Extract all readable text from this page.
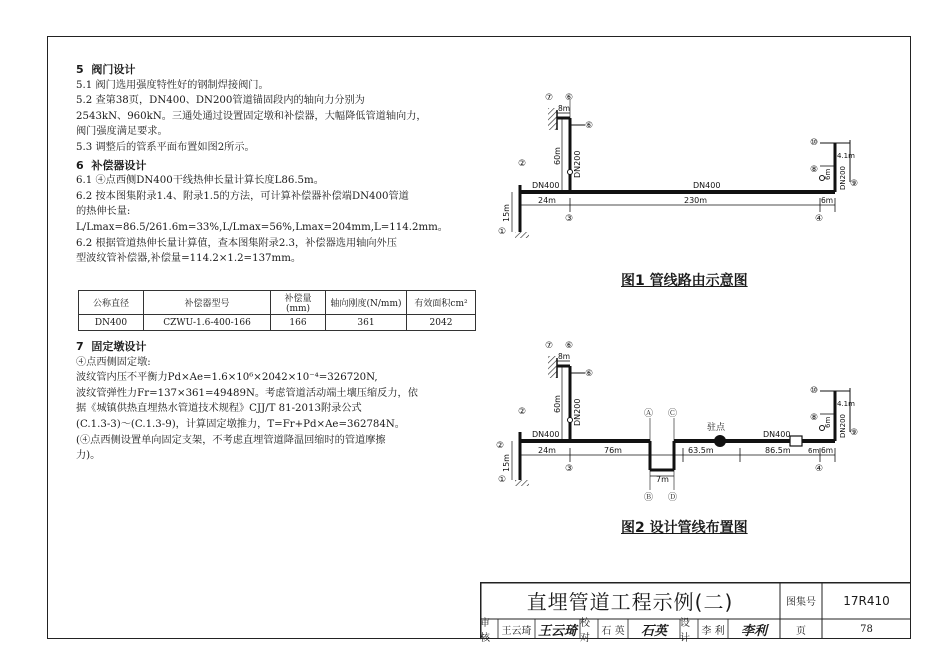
5  阀门设计

5.1 阀门选用强度特性好的钢制焊接阀门。

5.2 查第38页，DN400、DN200管道锚固段内的轴向力分别为

2543kN、960kN。三通处通过设置固定墩和补偿器，大幅降低管道轴向力，

阀门强度满足要求。

5.3 调整后的管系平面布置如图2所示。

6  补偿器设计

6.1 ④点西侧DN400干线热伸长量计算长度L86.5m。

6.2 按本图集附录1.4、附录1.5的方法，可计算补偿器补偿端DN400管道

的热伸长量:

L/Lmax=86.5/261.6m=33%,L/Lmax=56%,Lmax=204mm,L=114.2mm。

6.2 根据管道热伸长量计算值，查本图集附录2.3，补偿器选用轴向外压

型波纹管补偿器,补偿量=114.2×1.2=137mm。

公称直径	补偿器型号	补偿量(mm)	轴向刚度(N/mm)	有效面积cm²
DN400	CZWU-1.6-400-166	166	361	2042

7  固定墩设计

④点西侧固定墩:

波纹管内压不平衡力Pd×Ae=1.6×10⁶×2042×10⁻⁴=326720N,

波纹管弹性力Fr=137×361=49489N。考虑管道活动端土壤压缩反力，依

据《城镇供热直埋热水管道技术规程》CJJ/T 81-2013附录公式

(C.1.3-3)～(C.1.3-9)，计算固定墩推力，T=Fr+Pd×Ae=362784N。

(④点西侧设置单向固定支架，不考虑直埋管道降温回缩时的管道摩擦

力)。

⑦ ⑥
⑥
8m
60m DN200
②
DN400	DN400
15m
24m	230m	6m
①
③
⑩
⑧
⑨
④
4.1m
6m DN200
⑦ ⑥
⑥
8m
60m DN200
②
②
DN400	DN400
15m
24m	76m	63.5m	86.5m	6m
7m
驻点
Ⓐ Ⓒ
Ⓑ Ⓓ
①
③
⑩
⑧
⑨
④
4.1m
6m DN200
6m
图1 管线路由示意图
图2 设计管线布置图
直埋管道工程示例(二)	图集号	17R410
审核
王云琦 王云琦 校对
石 英	石英	设计
李 利	李利	页	78
